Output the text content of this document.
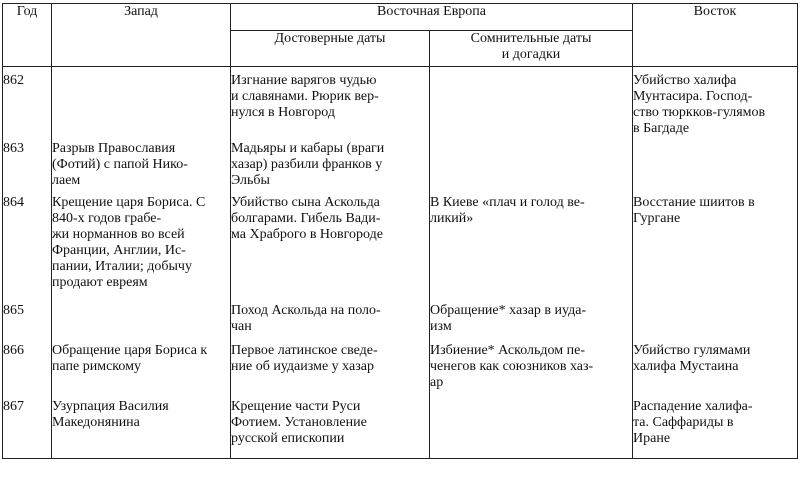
Год	Запад	Восточная Европа		Восток
		Достоверные даты	Сомнительные даты
и догадки	

862		Изгнание варягов чудью
и славянами. Рюрик вер-
нулся в Новгород		Убийство халифа
Мунтасира. Господ-
ство тюркков-гулямов
в Багдаде

863	Разрыв Православия
(Фотий) с папой Нико-
лаем	Мадьяры и кабары (враги
хазар) разбили франков у
Эльбы		

864	Крещение царя Бориса. С 840-х годов грабе-
жи норманнов во всей
Франции, Англии, Ис-
пании, Италии; добычу
продают евреям	Убийство сына Аскольда
болгарами. Гибель Вади-
ма Храброго в Новгороде	В Киеве «плач и голод ве-
ликий»	Восстание шиитов в
Гургане

865		Поход Аскольда на поло-
чан	Обращение* хазар в иуда-
изм	

866	Обращение царя Бориса к папе римскому	Первое латинское сведе-
ние об иудаизме у хазар	Избиение* Аскольдом пе-
ченегов как союзников хаз-
ар	Убийство гулямами
халифа Мустаина

867	Узурпация Василия
Македонянина	Крещение части Руси
Фотием. Установление
русской епископии		Распадение халифа-
та. Саффариды в
Иране
